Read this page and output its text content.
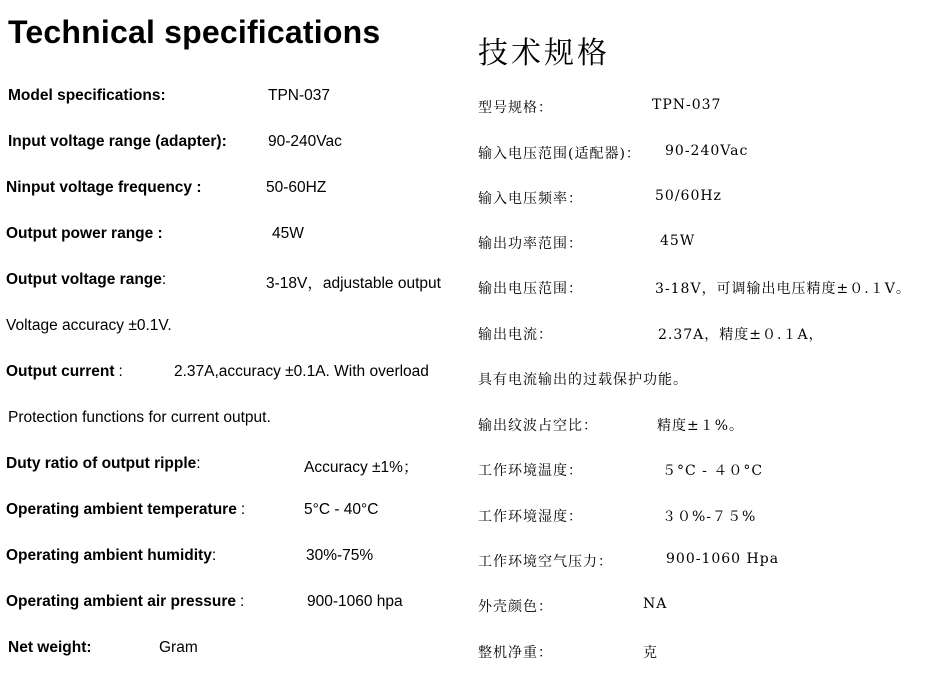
Technical specifications
技术规格
Model specifications:	TPN-037
Input voltage range (adapter):	90-240Vac
Ninput voltage frequency :	50-60HZ
Output power range :	45W
Output voltage range:	3-18V，adjustable output
Voltage accuracy ±0.1V.
Output current :	2.37A,accuracy ±0.1A. With overload
Protection functions for current output.
Duty ratio of output ripple:	Accuracy ±1%；
Operating ambient temperature :	5°C - 40°C
Operating ambient humidity:	30%-75%
Operating ambient air pressure :	900-1060 hpa
Net weight:	Gram
型号规格：	TPN-037
输入电压范围(适配器)： 90-240Vac
输入电压频率：	50/60Hz
输出功率范围：	45W
输出电压范围：	3-18V，可调输出电压精度±０.１V。
输出电流：	2.37A，精度±０.１A，
具有电流输出的过载保护功能。
输出纹波占空比：	精度±１%。
工作环境温度：	５°C - ４０°C
工作环境湿度：	３０%-７５%
工作环境空气压力：	900-1060 Hpa
外壳颜色：	NA
整机净重：	克
